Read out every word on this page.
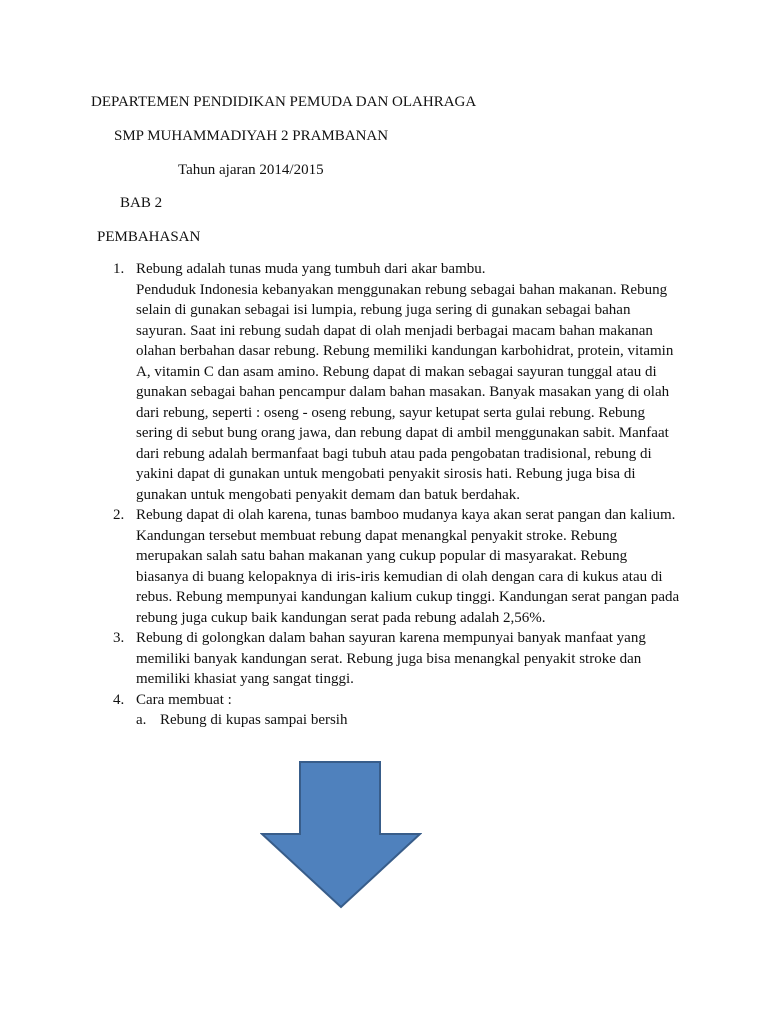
DEPARTEMEN PENDIDIKAN PEMUDA DAN OLAHRAGA

SMP MUHAMMADIYAH 2 PRAMBANAN

Tahun ajaran 2014/2015

BAB 2

PEMBAHASAN

1. Rebung adalah tunas muda yang tumbuh dari akar bambu.
Penduduk Indonesia kebanyakan menggunakan rebung sebagai bahan makanan. Rebung selain di gunakan sebagai isi lumpia, rebung juga sering di gunakan sebagai bahan sayuran. Saat ini rebung sudah dapat di olah menjadi berbagai macam bahan makanan olahan berbahan dasar rebung. Rebung memiliki kandungan karbohidrat, protein, vitamin A, vitamin C dan asam amino. Rebung dapat di makan sebagai sayuran tunggal atau di gunakan sebagai bahan pencampur dalam bahan masakan. Banyak masakan yang di olah dari rebung, seperti : oseng - oseng rebung, sayur ketupat serta gulai rebung. Rebung sering di sebut bung orang jawa, dan rebung dapat di ambil menggunakan sabit. Manfaat dari rebung adalah bermanfaat bagi tubuh atau pada pengobatan tradisional, rebung di yakini dapat di gunakan untuk mengobati penyakit sirosis hati. Rebung juga bisa di gunakan untuk mengobati penyakit demam dan batuk berdahak.
2. Rebung dapat di olah karena, tunas bamboo mudanya kaya akan serat pangan dan kalium. Kandungan tersebut membuat rebung dapat menangkal penyakit stroke. Rebung merupakan salah satu bahan makanan yang cukup popular di masyarakat. Rebung biasanya di buang kelopaknya di iris-iris kemudian di olah dengan cara di kukus atau di rebus. Rebung mempunyai kandungan kalium cukup tinggi. Kandungan serat pangan pada rebung juga cukup baik kandungan serat pada rebung adalah 2,56%.
3. Rebung di golongkan dalam bahan sayuran karena mempunyai banyak manfaat yang memiliki banyak kandungan serat. Rebung juga bisa menangkal penyakit stroke dan memiliki khasiat yang sangat tinggi.
4. Cara membuat :
a. Rebung di kupas sampai bersih
